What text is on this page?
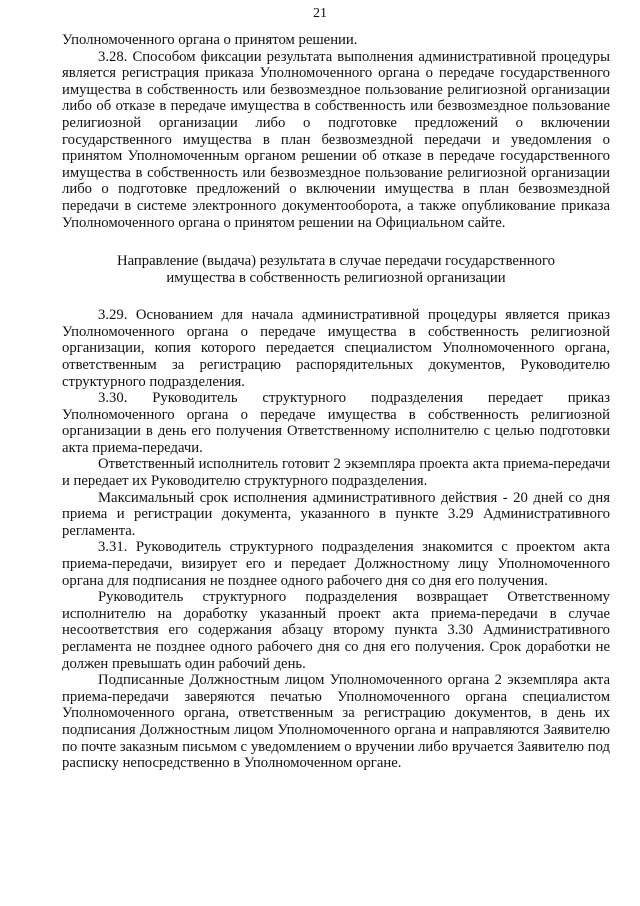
21

Уполномоченного органа о принятом решении.

3.28. Способом фиксации результата выполнения административной процедуры является регистрация приказа Уполномоченного органа о передаче государственного имущества в собственность или безвозмездное пользование религиозной организации либо об отказе в передаче имущества в собственность или безвозмездное пользование религиозной организации либо о подготовке предложений о включении государственного имущества в план безвозмездной передачи и уведомления о принятом Уполномоченным органом решении об отказе в передаче государственного имущества в собственность или безвозмездное пользование религиозной организации либо о подготовке предложений о включении имущества в план безвозмездной передачи в системе электронного документооборота, а также опубликование приказа Уполномоченного органа о принятом решении на Официальном сайте.

Направление (выдача) результата в случае передачи государственного
имущества в собственность религиозной организации

3.29. Основанием для начала административной процедуры является приказ Уполномоченного органа о передаче имущества в собственность религиозной организации, копия которого передается специалистом Уполномоченного органа, ответственным за регистрацию распорядительных документов, Руководителю структурного подразделения.

3.30. Руководитель структурного подразделения передает приказ Уполномоченного органа о передаче имущества в собственность религиозной организации в день его получения Ответственному исполнителю с целью подготовки акта приема-передачи.

Ответственный исполнитель готовит 2 экземпляра проекта акта приема-передачи и передает их Руководителю структурного подразделения.

Максимальный срок исполнения административного действия - 20 дней со дня приема и регистрации документа, указанного в пункте 3.29 Административного регламента.

3.31. Руководитель структурного подразделения знакомится с проектом акта приема-передачи, визирует его и передает Должностному лицу Уполномоченного органа для подписания не позднее одного рабочего дня со дня его получения.

Руководитель структурного подразделения возвращает Ответственному исполнителю на доработку указанный проект акта приема-передачи в случае несоответствия его содержания абзацу второму пункта 3.30 Административного регламента не позднее одного рабочего дня со дня его получения. Срок доработки не должен превышать один рабочий день.

Подписанные Должностным лицом Уполномоченного органа 2 экземпляра акта приема-передачи заверяются печатью Уполномоченного органа специалистом Уполномоченного органа, ответственным за регистрацию документов, в день их подписания Должностным лицом Уполномоченного органа и направляются Заявителю по почте заказным письмом с уведомлением о вручении либо вручается Заявителю под расписку непосредственно в Уполномоченном органе.
